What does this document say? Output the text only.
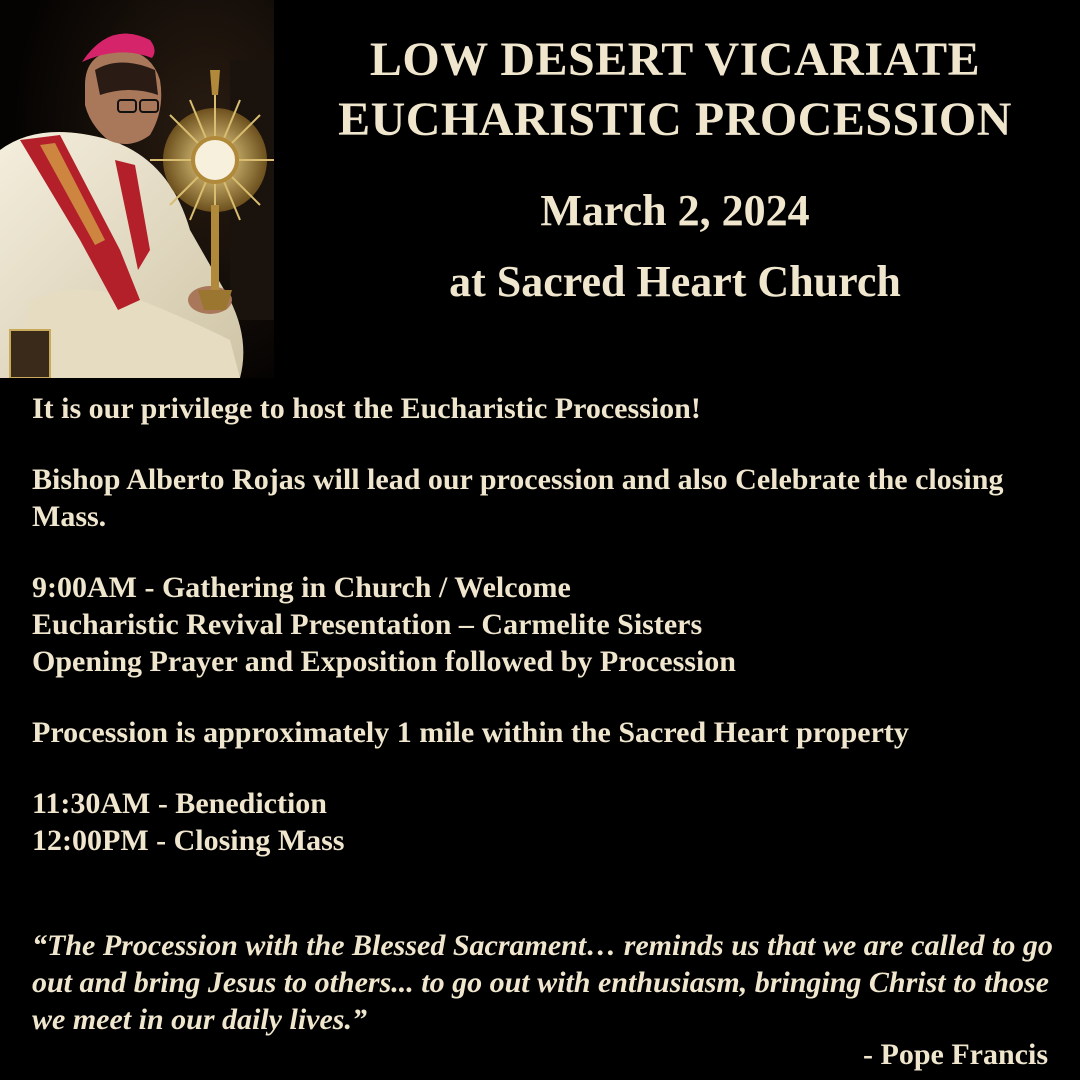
LOW DESERT VICARIATE
EUCHARISTIC PROCESSION
March 2, 2024
at Sacred Heart Church

It is our privilege to host the Eucharistic Procession!

Bishop Alberto Rojas will lead our procession and also Celebrate the closing Mass.

9:00AM - Gathering in Church / Welcome

Eucharistic Revival Presentation – Carmelite Sisters

Opening Prayer and Exposition followed by Procession

Procession is approximately 1 mile within the Sacred Heart property

11:30AM - Benediction

12:00PM - Closing Mass

“The Procession with the Blessed Sacrament… reminds us that we are called to go out and bring Jesus to others... to go out with enthusiasm, bringing Christ to those we meet in our daily lives.”
- Pope Francis
